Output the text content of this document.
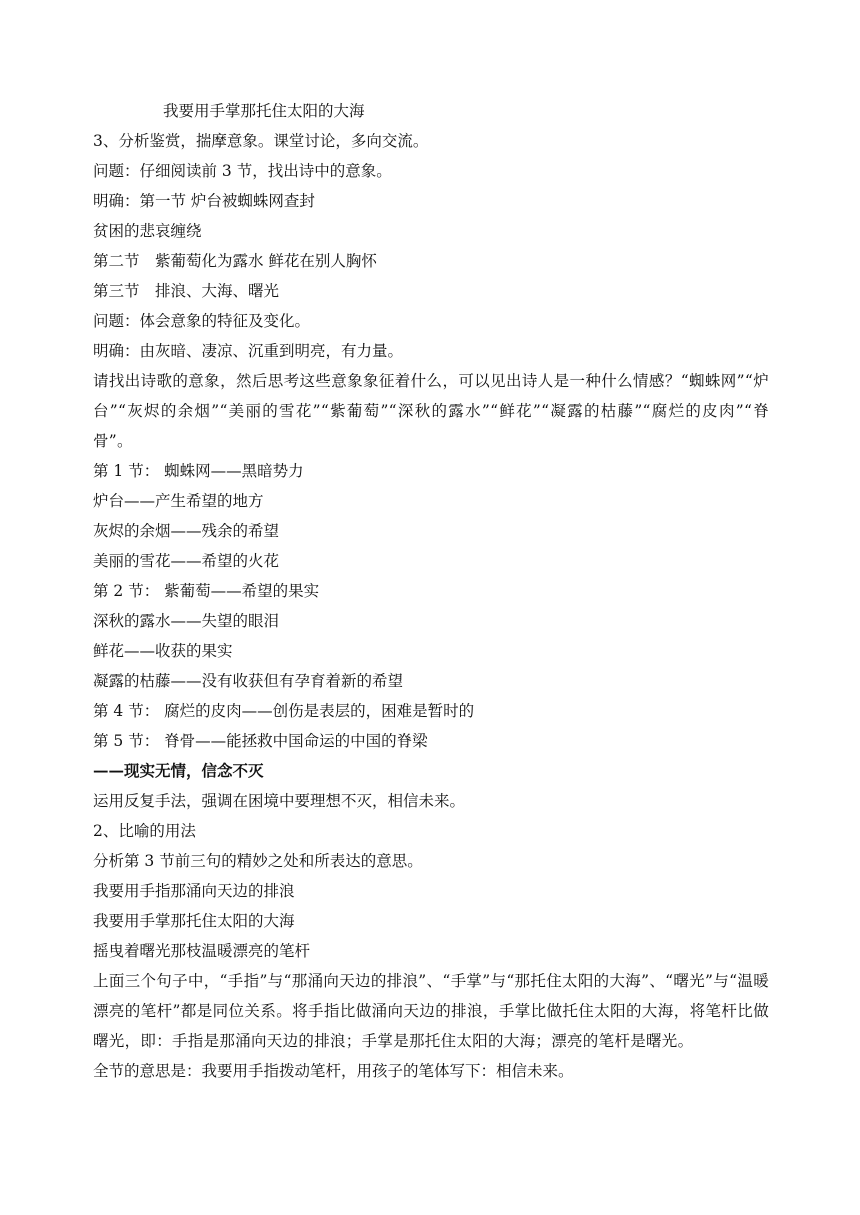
我要用手掌那托住太阳的大海
3、分析鉴赏，揣摩意象。课堂讨论，多向交流。
问题：仔细阅读前 3 节，找出诗中的意象。
明确：第一节 炉台被蜘蛛网查封
贫困的悲哀缠绕
第二节　紫葡萄化为露水 鲜花在别人胸怀
第三节　排浪、大海、曙光
问题：体会意象的特征及变化。
明确：由灰暗、凄凉、沉重到明亮，有力量。
请找出诗歌的意象，然后思考这些意象象征着什么，可以见出诗人是一种什么情感？“蜘蛛网”“炉台”“灰烬的余烟”“美丽的雪花”“紫葡萄”“深秋的露水”“鲜花”“凝露的枯藤”“腐烂的皮肉”“脊骨”。
第 1 节： 蜘蛛网——黑暗势力
炉台——产生希望的地方
灰烬的余烟——残余的希望
美丽的雪花——希望的火花
第 2 节： 紫葡萄——希望的果实
深秋的露水——失望的眼泪
鲜花——收获的果实
凝露的枯藤——没有收获但有孕育着新的希望
第 4 节： 腐烂的皮肉——创伤是表层的，困难是暂时的
第 5 节： 脊骨——能拯救中国命运的中国的脊梁
——现实无情，信念不灭
运用反复手法，强调在困境中要理想不灭，相信未来。
2、比喻的用法
分析第 3 节前三句的精妙之处和所表达的意思。
我要用手指那涌向天边的排浪
我要用手掌那托住太阳的大海
摇曳着曙光那枝温暖漂亮的笔杆
上面三个句子中，“手指”与“那涌向天边的排浪”、“手掌”与“那托住太阳的大海”、“曙光”与“温暖漂亮的笔杆”都是同位关系。将手指比做涌向天边的排浪，手掌比做托住太阳的大海，将笔杆比做曙光，即：手指是那涌向天边的排浪；手掌是那托住太阳的大海；漂亮的笔杆是曙光。
全节的意思是：我要用手指拨动笔杆，用孩子的笔体写下：相信未来。
